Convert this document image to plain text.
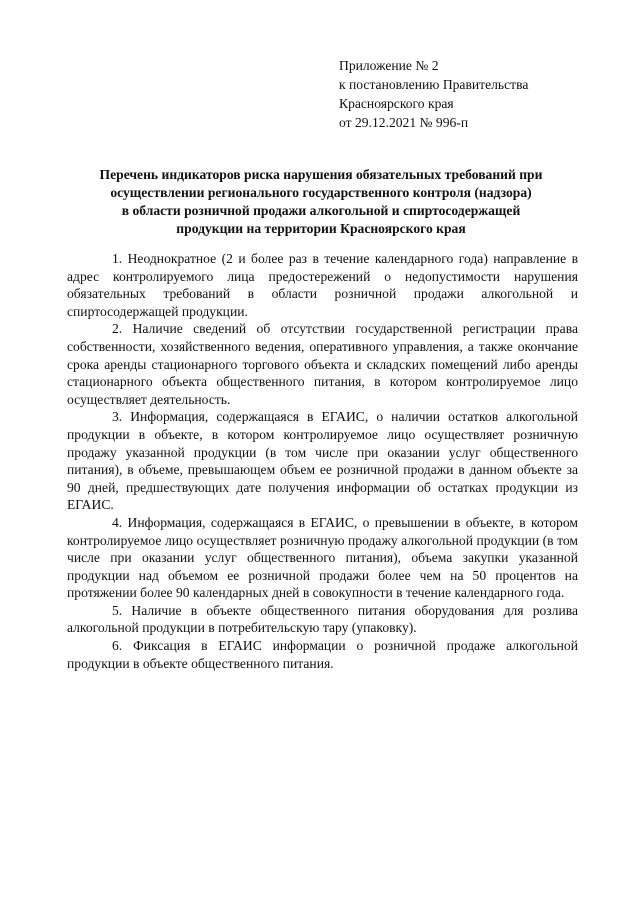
Приложение № 2
к постановлению Правительства
Красноярского края
от 29.12.2021 № 996-п
Перечень индикаторов риска нарушения обязательных требований при
осуществлении регионального государственного контроля (надзора)
в области розничной продажи алкогольной и спиртосодержащей
продукции на территории Красноярского края

1. Неоднократное (2 и более раз в течение календарного года) направление в адрес контролируемого лица предостережений о недопустимости нарушения обязательных требований в области розничной продажи алкогольной и спиртосодержащей продукции.

2. Наличие сведений об отсутствии государственной регистрации права собственности, хозяйственного ведения, оперативного управления, а также окончание срока аренды стационарного торгового объекта и складских помещений либо аренды стационарного объекта общественного питания, в котором контролируемое лицо осуществляет деятельность.

3. Информация, содержащаяся в ЕГАИС, о наличии остатков алкогольной продукции в объекте, в котором контролируемое лицо осуществляет розничную продажу указанной продукции (в том числе при оказании услуг общественного питания), в объеме, превышающем объем ее розничной продажи в данном объекте за 90 дней, предшествующих дате получения информации об остатках продукции из ЕГАИС.

4. Информация, содержащаяся в ЕГАИС, о превышении в объекте, в котором контролируемое лицо осуществляет розничную продажу алкогольной продукции (в том числе при оказании услуг общественного питания), объема закупки указанной продукции над объемом ее розничной продажи более чем на 50 процентов на протяжении более 90 календарных дней в совокупности в течение календарного года.

5. Наличие в объекте общественного питания оборудования для розлива алкогольной продукции в потребительскую тару (упаковку).

6. Фиксация в ЕГАИС информации о розничной продаже алкогольной продукции в объекте общественного питания.
